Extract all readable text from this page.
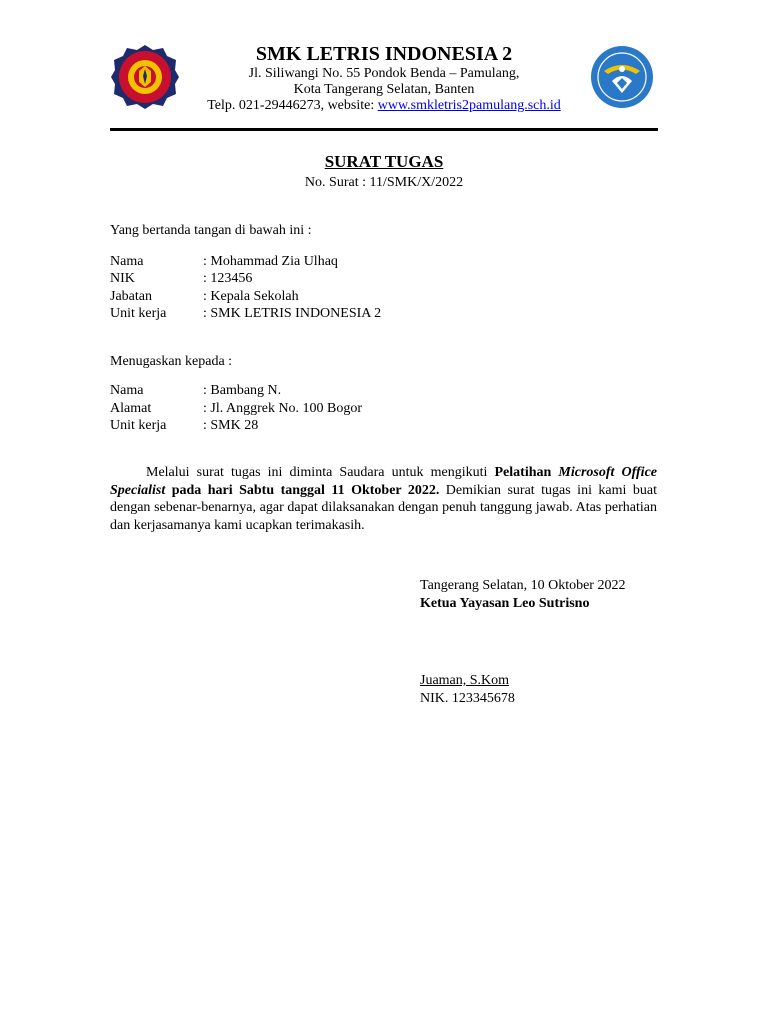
SMK LETRIS INDONESIA 2
Jl. Siliwangi No. 55 Pondok Benda – Pamulang,
Kota Tangerang Selatan, Banten
Telp. 021-29446273, website: www.smkletris2pamulang.sch.id
SURAT TUGAS
No. Surat : 11/SMK/X/2022
Yang bertanda tangan di bawah ini :
Nama	: Mohammad Zia Ulhaq
NIK	: 123456
Jabatan	: Kepala Sekolah
Unit kerja	: SMK LETRIS INDONESIA 2
Menugaskan kepada :
Nama	: Bambang N.
Alamat	: Jl. Anggrek No. 100 Bogor
Unit kerja	: SMK 28
Melalui surat tugas ini diminta Saudara untuk mengikuti Pelatihan Microsoft Office Specialist pada hari Sabtu tanggal 11 Oktober 2022. Demikian surat tugas ini kami buat dengan sebenar-benarnya, agar dapat dilaksanakan dengan penuh tanggung jawab. Atas perhatian dan kerjasamanya kami ucapkan terimakasih.
Tangerang Selatan, 10 Oktober 2022
Ketua Yayasan Leo Sutrisno
Juaman, S.Kom
NIK. 123345678
